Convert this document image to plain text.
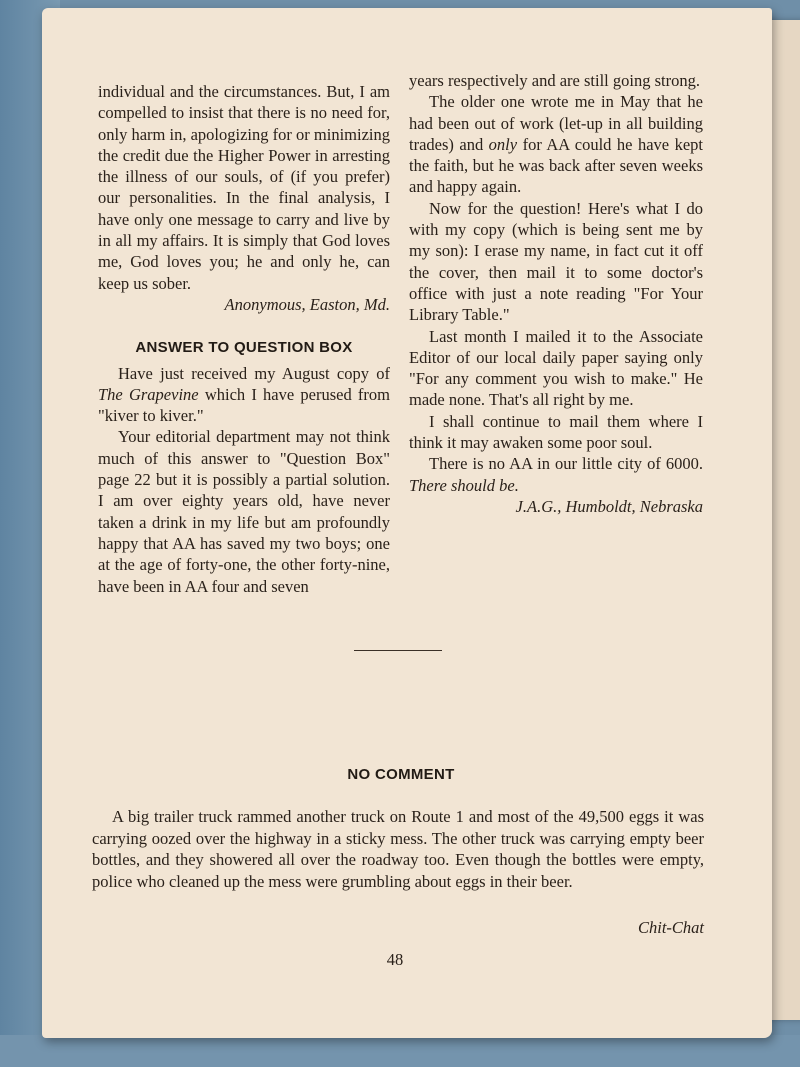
individual and the circumstances. But, I am compelled to insist that there is no need for, only harm in, apologizing for or minimizing the credit due the Higher Power in arresting the illness of our souls, of (if you prefer) our personalities. In the final analysis, I have only one message to carry and live by in all my affairs. It is simply that God loves me, God loves you; he and only he, can keep us sober.

Anonymous, Easton, Md.

ANSWER TO QUESTION BOX

Have just received my August copy of The Grapevine which I have perused from "kiver to kiver."

Your editorial department may not think much of this answer to "Question Box" page 22 but it is possibly a partial solution. I am over eighty years old, have never taken a drink in my life but am profoundly happy that AA has saved my two boys; one at the age of forty-one, the other forty-nine, have been in AA four and seven

years respectively and are still going strong.

The older one wrote me in May that he had been out of work (let-up in all building trades) and only for AA could he have kept the faith, but he was back after seven weeks and happy again.

Now for the question! Here's what I do with my copy (which is being sent me by my son): I erase my name, in fact cut it off the cover, then mail it to some doctor's office with just a note reading "For Your Library Table."

Last month I mailed it to the Associate Editor of our local daily paper saying only "For any comment you wish to make." He made none. That's all right by me.

I shall continue to mail them where I think it may awaken some poor soul.

There is no AA in our little city of 6000. There should be.

J.A.G., Humboldt, Nebraska

NO COMMENT

A big trailer truck rammed another truck on Route 1 and most of the 49,500 eggs it was carrying oozed over the highway in a sticky mess. The other truck was carrying empty beer bottles, and they showered all over the roadway too. Even though the bottles were empty, police who cleaned up the mess were grumbling about eggs in their beer.

Chit-Chat
48
